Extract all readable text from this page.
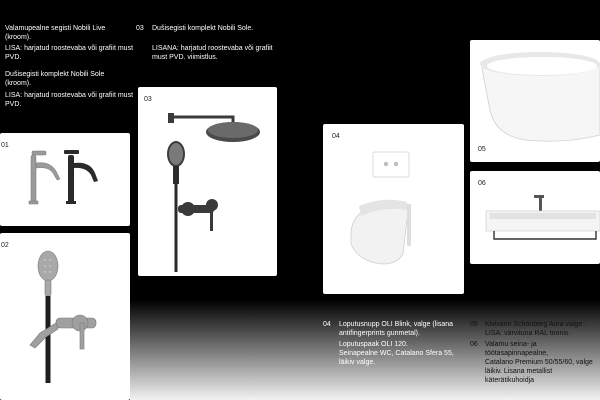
Valamupealne segisti Nobili Live
(kroom).
LISA: harjatud roostevaba või grafiit must
PVD.
Dušisegisti komplekt Nobili Sole
(kroom).
LISA: harjatud roostevaba või grafiit must
PVD.
03 Dušisegisti komplekt Nobili Sole.
LISANA: harjatud roostevaba või grafiit
must PVD. viimistlus.
01
02
03
04
05
06
04 Loputusnupp OLI Blink, valge (lisana
antifingerprints gunmetal).
Loputuspaak OLI 120.
Seinapealne WC, Catalano Sfera 55,
läikiv valge.
05 Kivivann Schönberg Aura valge .
LISA: värvituna RAL toonis.
06 Valamu seina- ja töötasapinnapealne,
Catalano Premium 50/55/60, valge
läikiv. Lisana metallist käterätikuhoidja
